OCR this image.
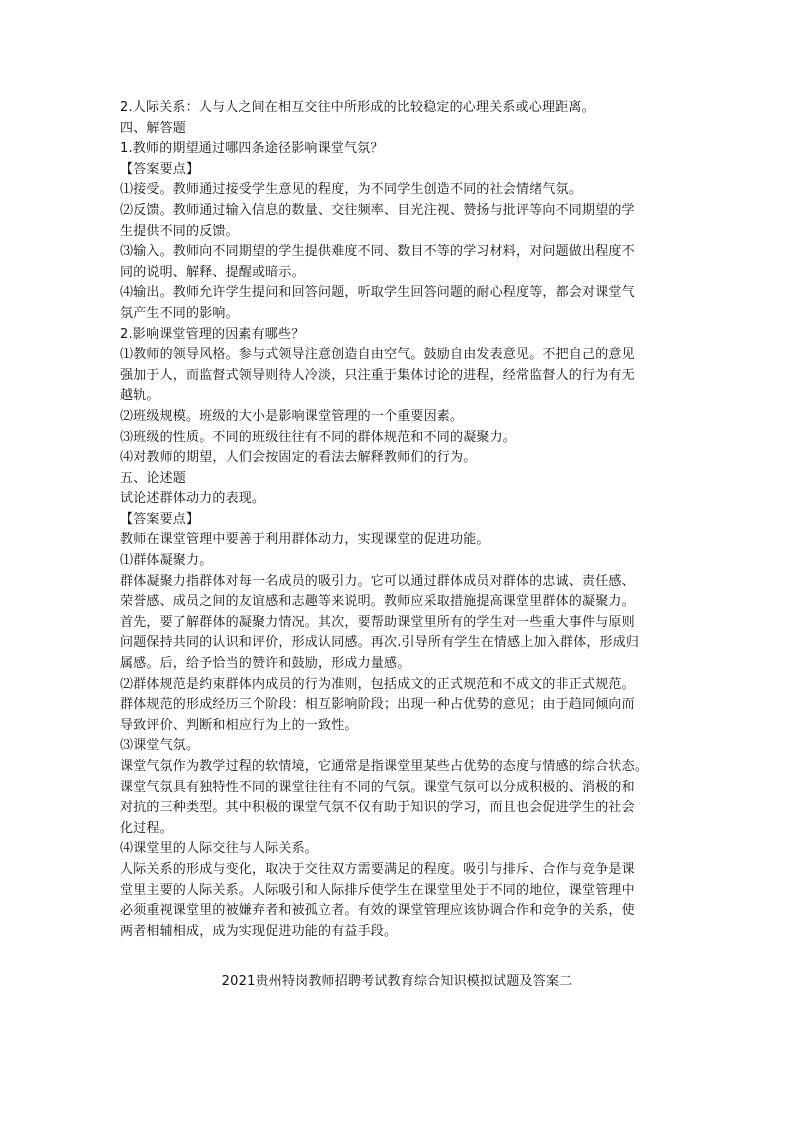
2.人际关系：人与人之间在相互交往中所形成的比较稳定的心理关系或心理距离。

四、解答题

1.教师的期望通过哪四条途径影响课堂气氛？

【答案要点】

⑴接受。教师通过接受学生意见的程度，为不同学生创造不同的社会情绪气氛。

⑵反馈。教师通过输入信息的数量、交往频率、目光注视、赞扬与批评等向不同期望的学

生提供不同的反馈。

⑶输入。教师向不同期望的学生提供难度不同、数目不等的学习材料，对问题做出程度不

同的说明、解释、提醒或暗示。

⑷输出。教师允许学生提问和回答问题，听取学生回答问题的耐心程度等，都会对课堂气

氛产生不同的影响。

2.影响课堂管理的因素有哪些？

⑴教师的领导风格。参与式领导注意创造自由空气。鼓励自由发表意见。不把自己的意见

强加于人，而监督式领导则待人冷淡，只注重于集体讨论的进程，经常监督人的行为有无

越轨。

⑵班级规模。班级的大小是影响课堂管理的一个重要因素。

⑶班级的性质。不同的班级往往有不同的群体规范和不同的凝聚力。

⑷对教师的期望，人们会按固定的看法去解释教师们的行为。

五、论述题

试论述群体动力的表现。

【答案要点】

教师在课堂管理中要善于利用群体动力，实现课堂的促进功能。

⑴群体凝聚力。

群体凝聚力指群体对每一名成员的吸引力。它可以通过群体成员对群体的忠诚、责任感、

荣誉感、成员之间的友谊感和志趣等来说明。教师应采取措施提高课堂里群体的凝聚力。

首先，要了解群体的凝聚力情况。其次，要帮助课堂里所有的学生对一些重大事件与原则

问题保持共同的认识和评价，形成认同感。再次.引导所有学生在情感上加入群体，形成归

属感。后，给予恰当的赞许和鼓励，形成力量感。

⑵群体规范是约束群体内成员的行为准则，包括成文的正式规范和不成文的非正式规范。

群体规范的形成经历三个阶段：相互影响阶段；出现一种占优势的意见；由于趋同倾向而

导致评价、判断和相应行为上的一致性。

⑶课堂气氛。

课堂气氛作为教学过程的软情境，它通常是指课堂里某些占优势的态度与情感的综合状态。

课堂气氛具有独特性不同的课堂往往有不同的气氛。课堂气氛可以分成积极的、消极的和

对抗的三种类型。其中积极的课堂气氛不仅有助于知识的学习，而且也会促进学生的社会

化过程。

⑷课堂里的人际交往与人际关系。

人际关系的形成与变化，取决于交往双方需要满足的程度。吸引与排斥、合作与竞争是课

堂里主要的人际关系。人际吸引和人际排斥使学生在课堂里处于不同的地位，课堂管理中

必须重视课堂里的被嫌弃者和被孤立者。有效的课堂管理应该协调合作和竞争的关系，使

两者相辅相成，成为实现促进功能的有益手段。

2021贵州特岗教师招聘考试教育综合知识模拟试题及答案二
